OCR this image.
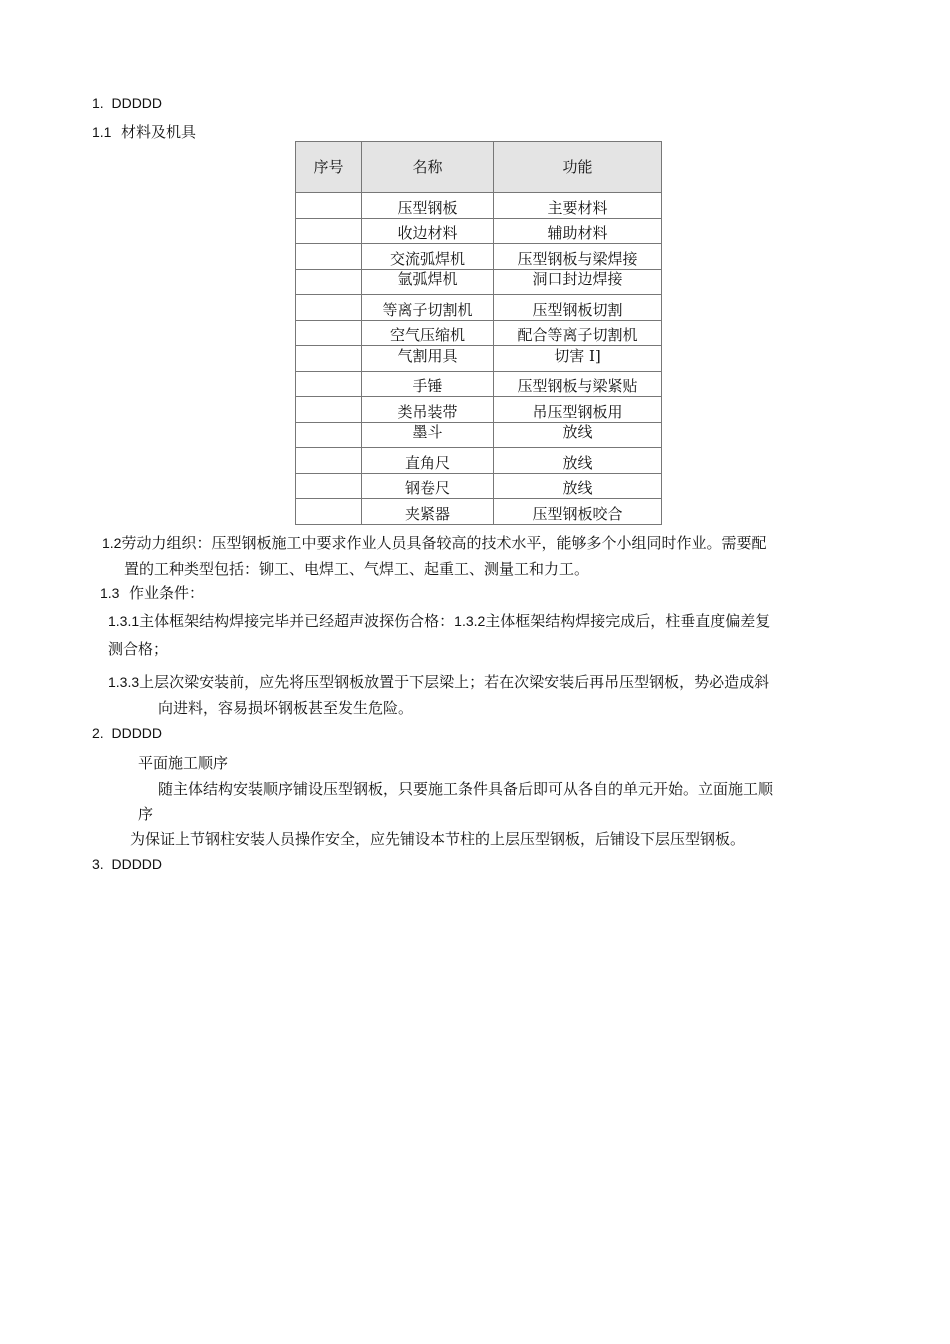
1. DDDDD
1.1 材料及机具
序号	名称	功能
	压型钢板	主要材料
	收边材料	辅助材料
	交流弧焊机	压型钢板与梁焊接
	氩弧焊机	洞口封边焊接
	等离子切割机	压型钢板切割
	空气压缩机	配合等离子切割机
	气割用具	切害 I]
	手锤	压型钢板与梁紧贴
	类吊装带	吊压型钢板用
	墨斗	放线
	直角尺	放线
	钢卷尺	放线
	夹紧器	压型钢板咬合
1.2劳动力组织：压型钢板施工中要求作业人员具备较高的技术水平，能够多个小组同时作业。需要配
置的工种类型包括：铆工、电焊工、气焊工、起重工、测量工和力工。
1.3 作业条件：
1.3.1主体框架结构焊接完毕并已经超声波探伤合格：1.3.2主体框架结构焊接完成后，柱垂直度偏差复
测合格；
1.3.3上层次梁安装前，应先将压型钢板放置于下层梁上；若在次梁安装后再吊压型钢板，势必造成斜
向进料，容易损坏钢板甚至发生危险。
2. DDDDD
平面施工顺序
随主体结构安装顺序铺设压型钢板，只要施工条件具备后即可从各自的单元开始。立面施工顺
序
为保证上节钢柱安装人员操作安全，应先铺设本节柱的上层压型钢板，后铺设下层压型钢板。
3. DDDDD
